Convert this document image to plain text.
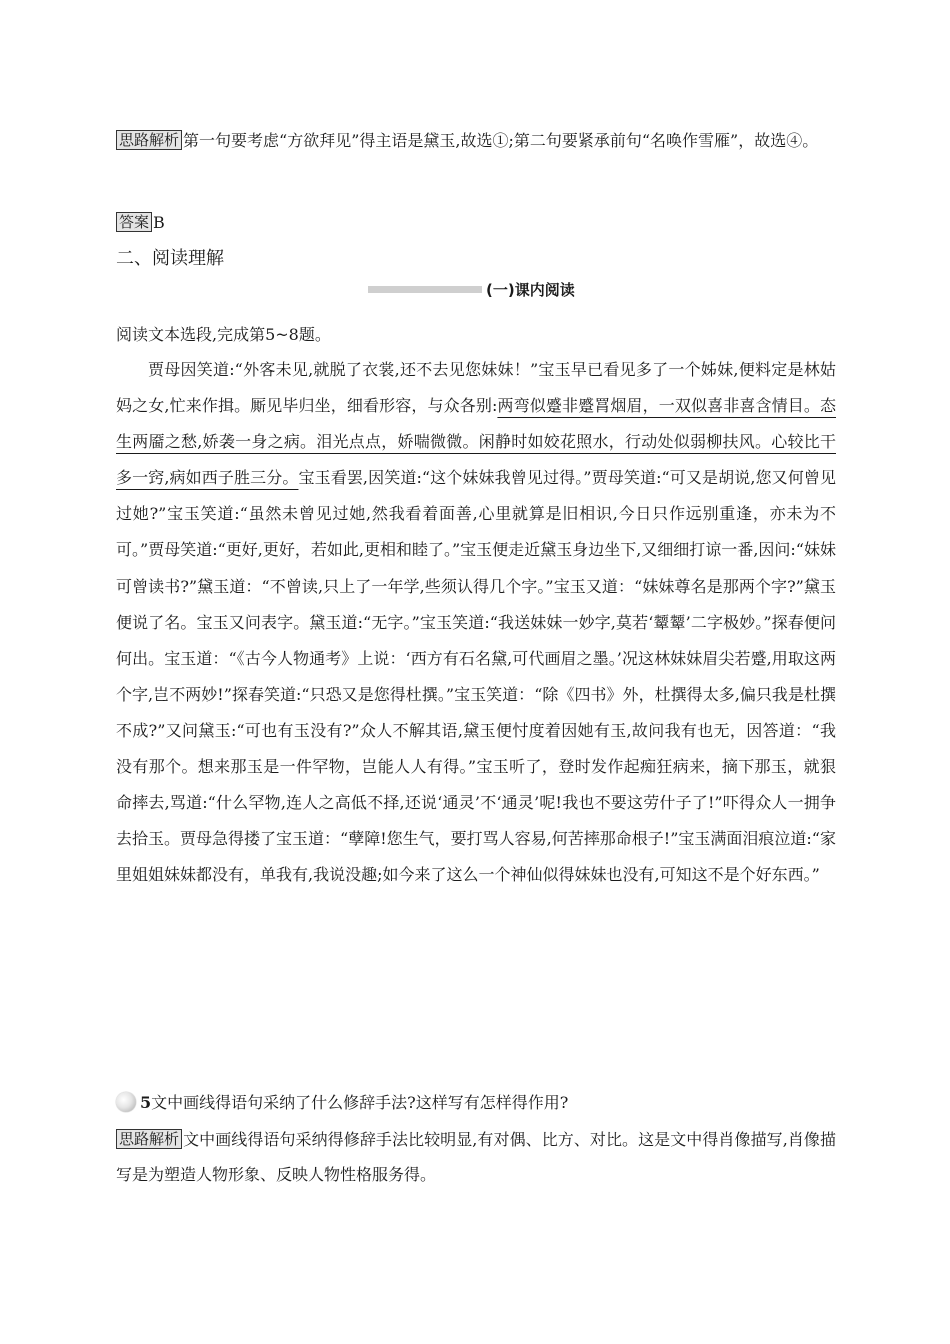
思路解析 第一句要考虑“方欲拜见”得主语是黛玉,故选①;第二句要紧承前句“名唤作雪雁”，故选④。
答案 B
二、阅读理解
(一)课内阅读
阅读文本选段,完成第5~8题。
贾母因笑道:“外客未见,就脱了衣裳,还不去见您妹妹！”宝玉早已看见多了一个姊妹,便料定是林姑妈之女,忙来作揖。厮见毕归坐，细看形容，与众各别:两弯似蹙非蹙罥烟眉，一双似喜非喜含情目。态生两靥之愁,娇袭一身之病。泪光点点，娇喘微微。闲静时如姣花照水，行动处似弱柳扶风。心较比干多一窍,病如西子胜三分。宝玉看罢,因笑道:“这个妹妹我曾见过得。”贾母笑道:“可又是胡说,您又何曾见过她?”宝玉笑道:“虽然未曾见过她,然我看着面善,心里就算是旧相识,今日只作远别重逢，亦未为不可。”贾母笑道:“更好,更好，若如此,更相和睦了。”宝玉便走近黛玉身边坐下,又细细打谅一番,因问:“妹妹可曾读书?”黛玉道：“不曾读,只上了一年学,些须认得几个字。”宝玉又道：“妹妹尊名是那两个字?”黛玉便说了名。宝玉又问表字。黛玉道:“无字。”宝玉笑道:“我送妹妹一妙字,莫若‘颦颦’二字极妙。”探春便问何出。宝玉道：“《古今人物通考》上说：‘西方有石名黛,可代画眉之墨。’况这林妹妹眉尖若蹙,用取这两个字,岂不两妙!”探春笑道:“只恐又是您得杜撰。”宝玉笑道：“除《四书》外，杜撰得太多,偏只我是杜撰不成?”又问黛玉:“可也有玉没有?”众人不解其语,黛玉便忖度着因她有玉,故问我有也无，因答道：“我没有那个。想来那玉是一件罕物，岂能人人有得。”宝玉听了，登时发作起痴狂病来，摘下那玉，就狠命摔去,骂道:“什么罕物,连人之高低不择,还说‘通灵’不‘通灵’呢!我也不要这劳什子了!”吓得众人一拥争去拾玉。贾母急得搂了宝玉道：“孽障!您生气，要打骂人容易,何苦摔那命根子!”宝玉满面泪痕泣道:“家里姐姐妹妹都没有，单我有,我说没趣;如今来了这么一个神仙似得妹妹也没有,可知这不是个好东西。”
5文中画线得语句采纳了什么修辞手法?这样写有怎样得作用?
思路解析 文中画线得语句采纳得修辞手法比较明显,有对偶、比方、对比。这是文中得肖像描写,肖像描写是为塑造人物形象、反映人物性格服务得。
